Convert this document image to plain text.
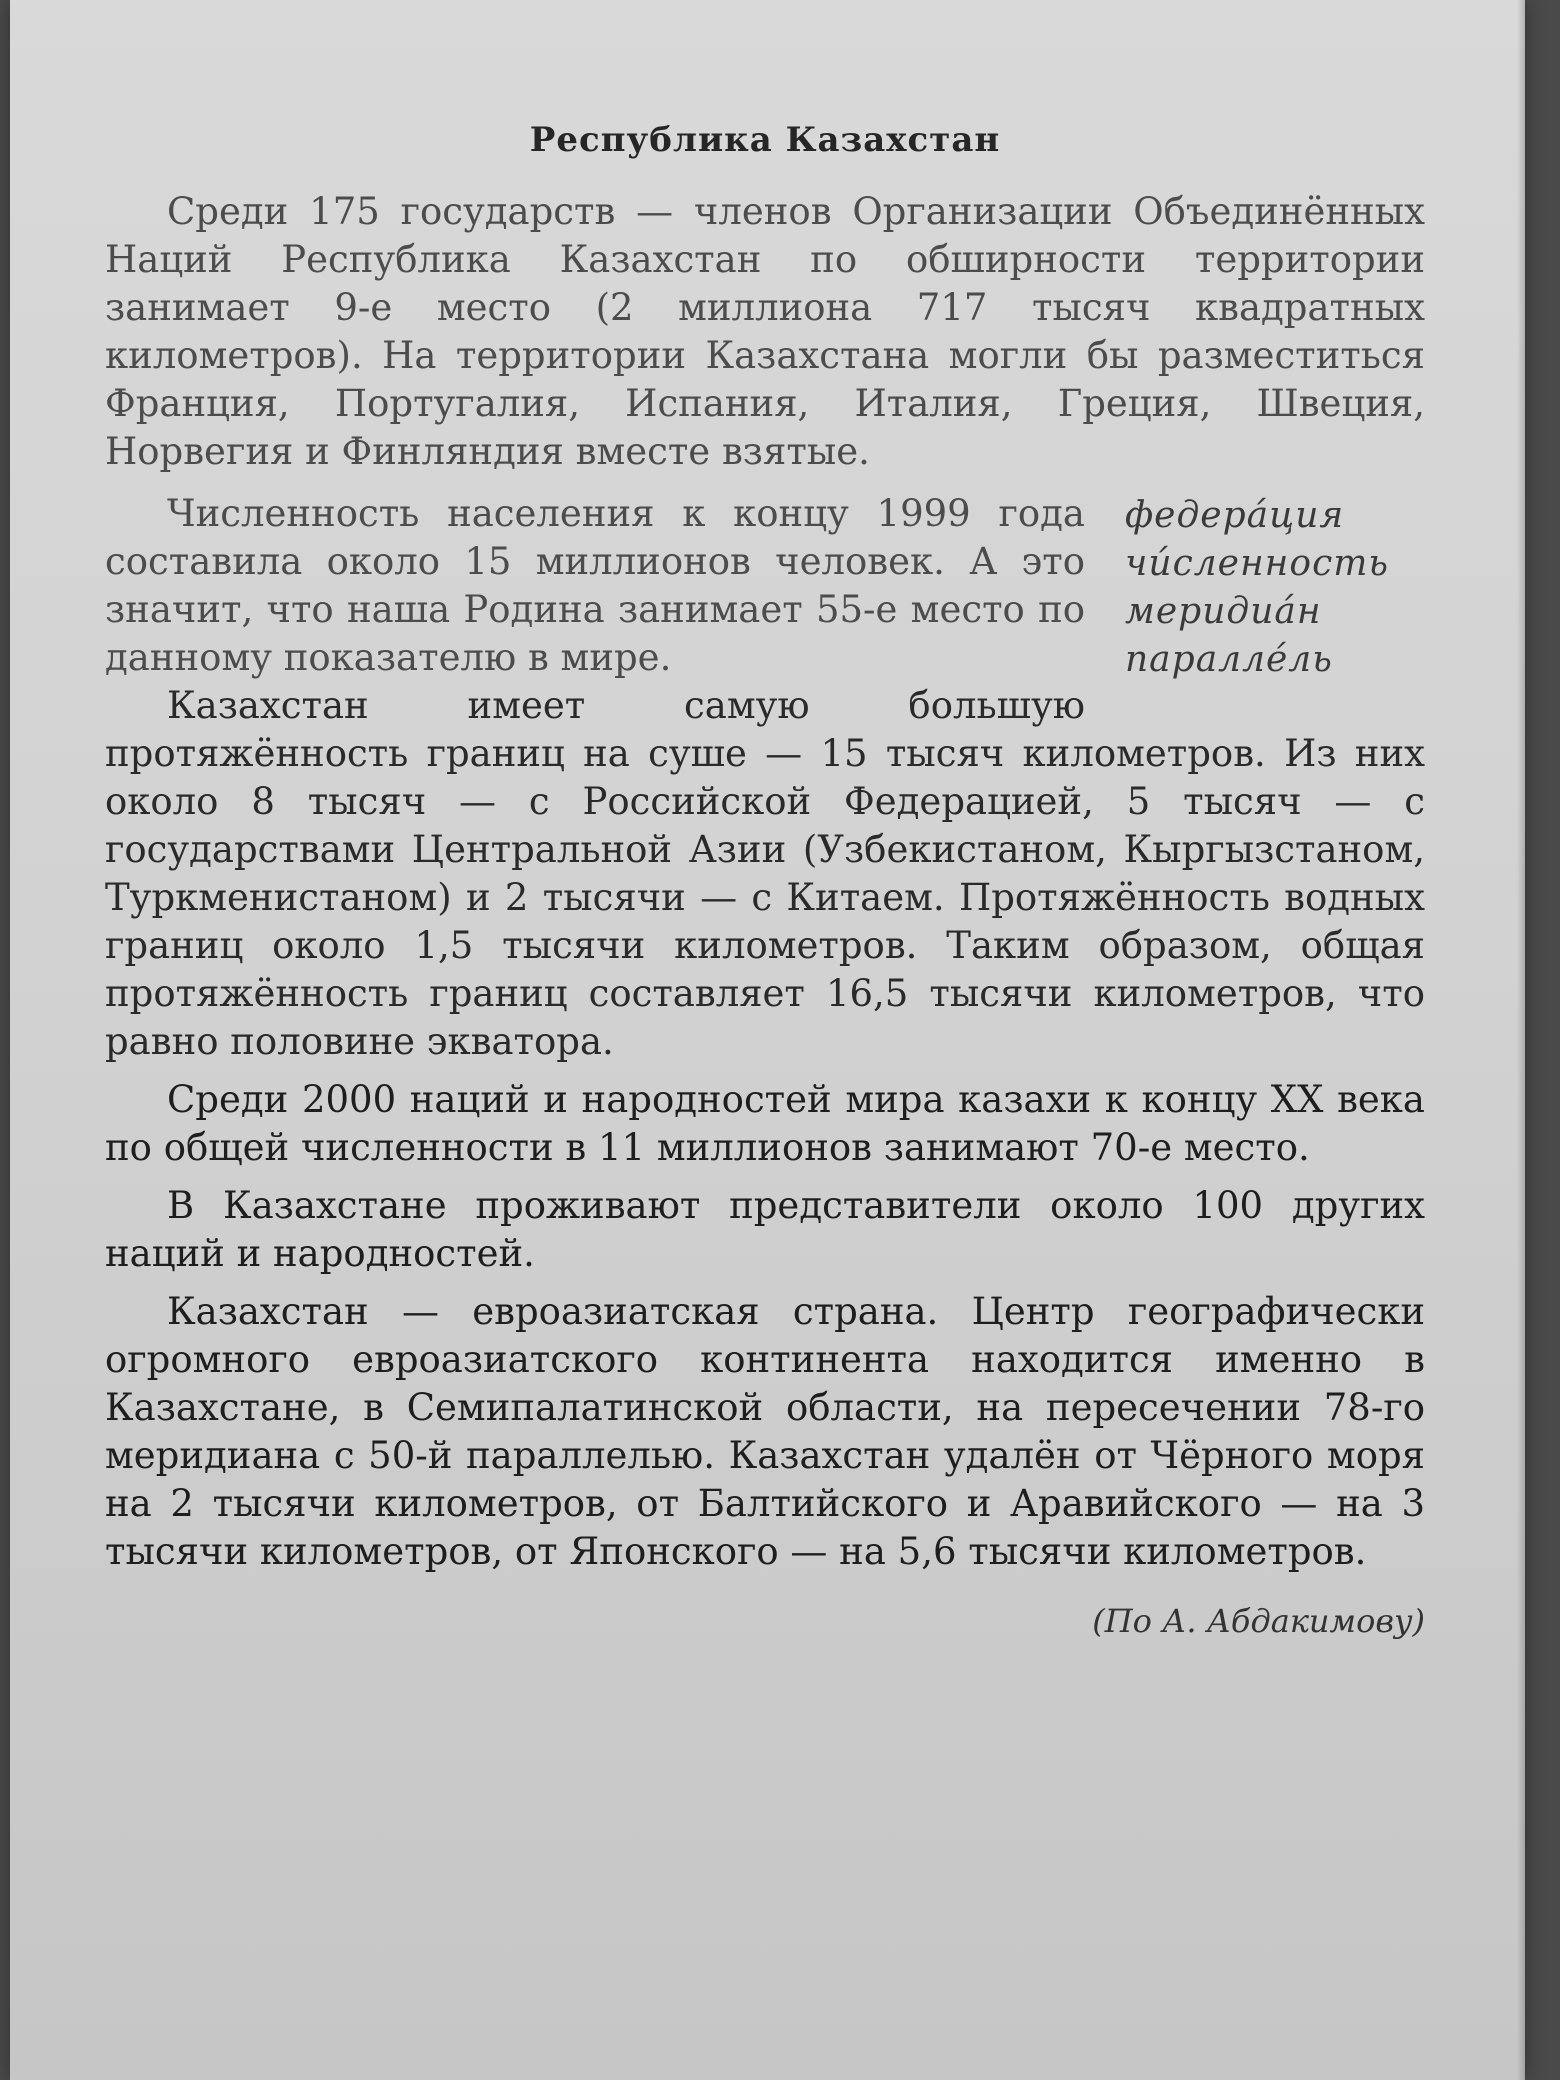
Республика Казахстан

Среди 175 государств — членов Организации Объединённых Наций Республика Казахстан по обширности территории занимает 9-е место (2 миллиона 717 тысяч квадратных километров). На территории Казахстана могли бы разместиться Франция, Португалия, Испания, Италия, Греция, Швеция, Норвегия и Финляндия вместе взятые.

федера́ция
чи́сленность
меридиа́н
паралле́ль

Численность населения к концу 1999 года составила около 15 миллионов человек. А это значит, что наша Родина занимает 55-е место по данному показателю в мире.

Казахстан имеет самую большую протяжённость границ на суше — 15 тысяч километров. Из них около 8 тысяч — с Российской Федерацией, 5 тысяч — с государствами Центральной Азии (Узбекистаном, Кыргызстаном, Туркменистаном) и 2 тысячи — с Китаем. Протяжённость водных границ около 1,5 тысячи километров. Таким образом, общая протяжённость границ составляет 16,5 тысячи километров, что равно половине экватора.

Среди 2000 наций и народностей мира казахи к концу XX века по общей численности в 11 миллионов занимают 70-е место.

В Казахстане проживают представители около 100 других наций и народностей.

Казахстан — евроазиатская страна. Центр географически огромного евроазиатского континента находится именно в Казахстане, в Семипалатинской области, на пересечении 78-го меридиана с 50-й параллелью. Казахстан удалён от Чёрного моря на 2 тысячи километров, от Балтийского и Аравийского — на 3 тысячи километров, от Японского — на 5,6 тысячи километров.

(По А. Абдакимову)
